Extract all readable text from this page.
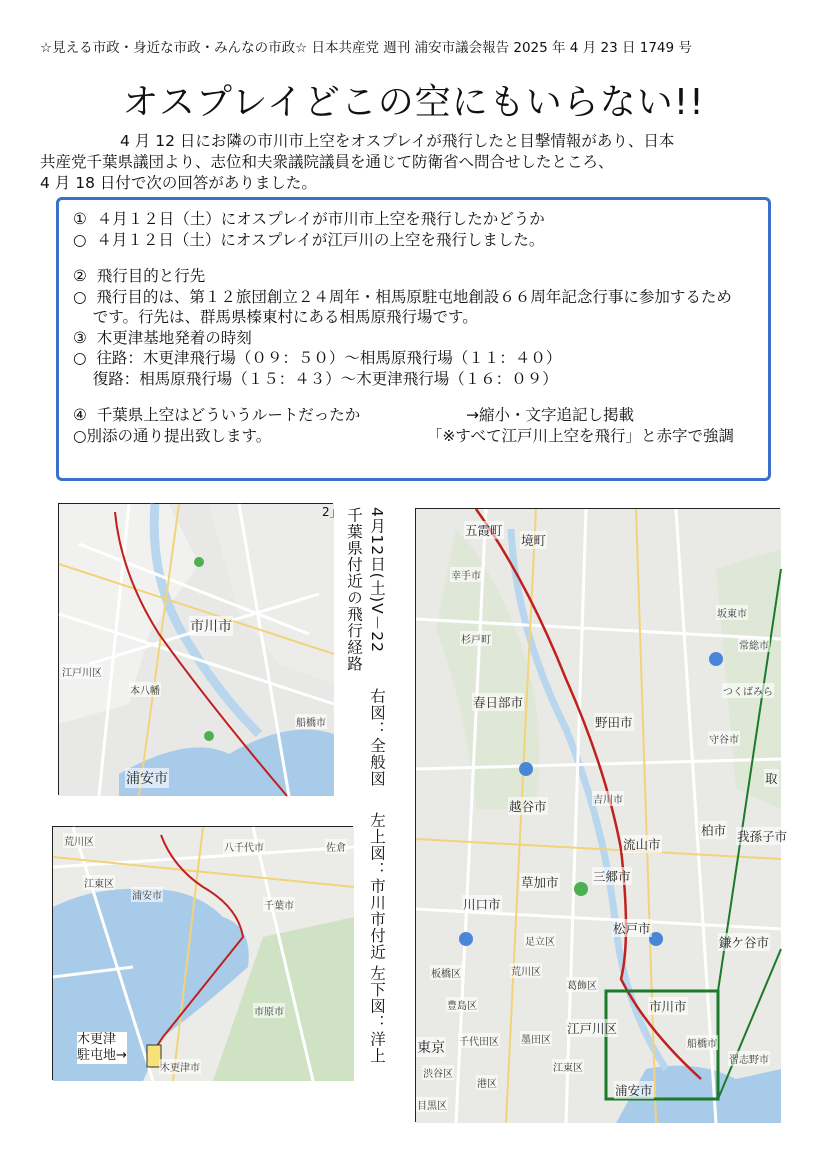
☆見える市政・身近な市政・みんなの市政☆ 日本共産党 週刊 浦安市議会報告 2025 年 4 月 23 日 1749 号
オスプレイどこの空にもいらない!!

4 月 12 日にお隣の市川市上空をオスプレイが飛行したと目撃情報があり、日本

共産党千葉県議団より、志位和夫衆議院議員を通じて防衛省へ問合せしたところ、

4 月 18 日付で次の回答がありました。

①  ４月１２日（土）にオスプレイが市川市上空を飛行したかどうか
○  ４月１２日（土）にオスプレイが江戸川の上空を飛行しました。
②  飛行目的と行先
○  飛行目的は、第１２旅団創立２４周年・相馬原駐屯地創設６６周年記念行事に参加するため
です。行先は、群馬県榛東村にある相馬原飛行場です。
③  木更津基地発着の時刻
○  往路：木更津飛行場（０９：５０）～相馬原飛行場（１１：４０）
復路：相馬原飛行場（１５：４３）～木更津飛行場（１６：０９）
④  千葉県上空はどういうルートだったか	→縮小・文字追記し掲載
○別添の通り提出致します。	「※すべて江戸川上空を飛行」と赤字で強調
市川市
浦安市
江戸川区
本八幡
船橋市
2」 4月12日(土)V－22
千葉県付近の飛行経路
右図：全般図
左上図：市川市付近
左下図：洋上
荒川区
八千代市	佐倉
江東区
浦安市
千葉市
市原市
木更津市
木更津
駐屯地→
五霞町
境町
幸手市
坂東市
杉戸町
常総市
春日部市
野田市
守谷市
つくばみら
取
越谷市	吉川市
柏市 我孫子市
流山市
三郷市
草加市
川口市
足立区
松戸市
鎌ケ谷市
板橋区	荒川区
葛飾区
豊島区	市川市
江戸川区
東京 千代田区 墨田区	船橋市
習志野市
渋谷区
港区
江東区
浦安市
目黒区
